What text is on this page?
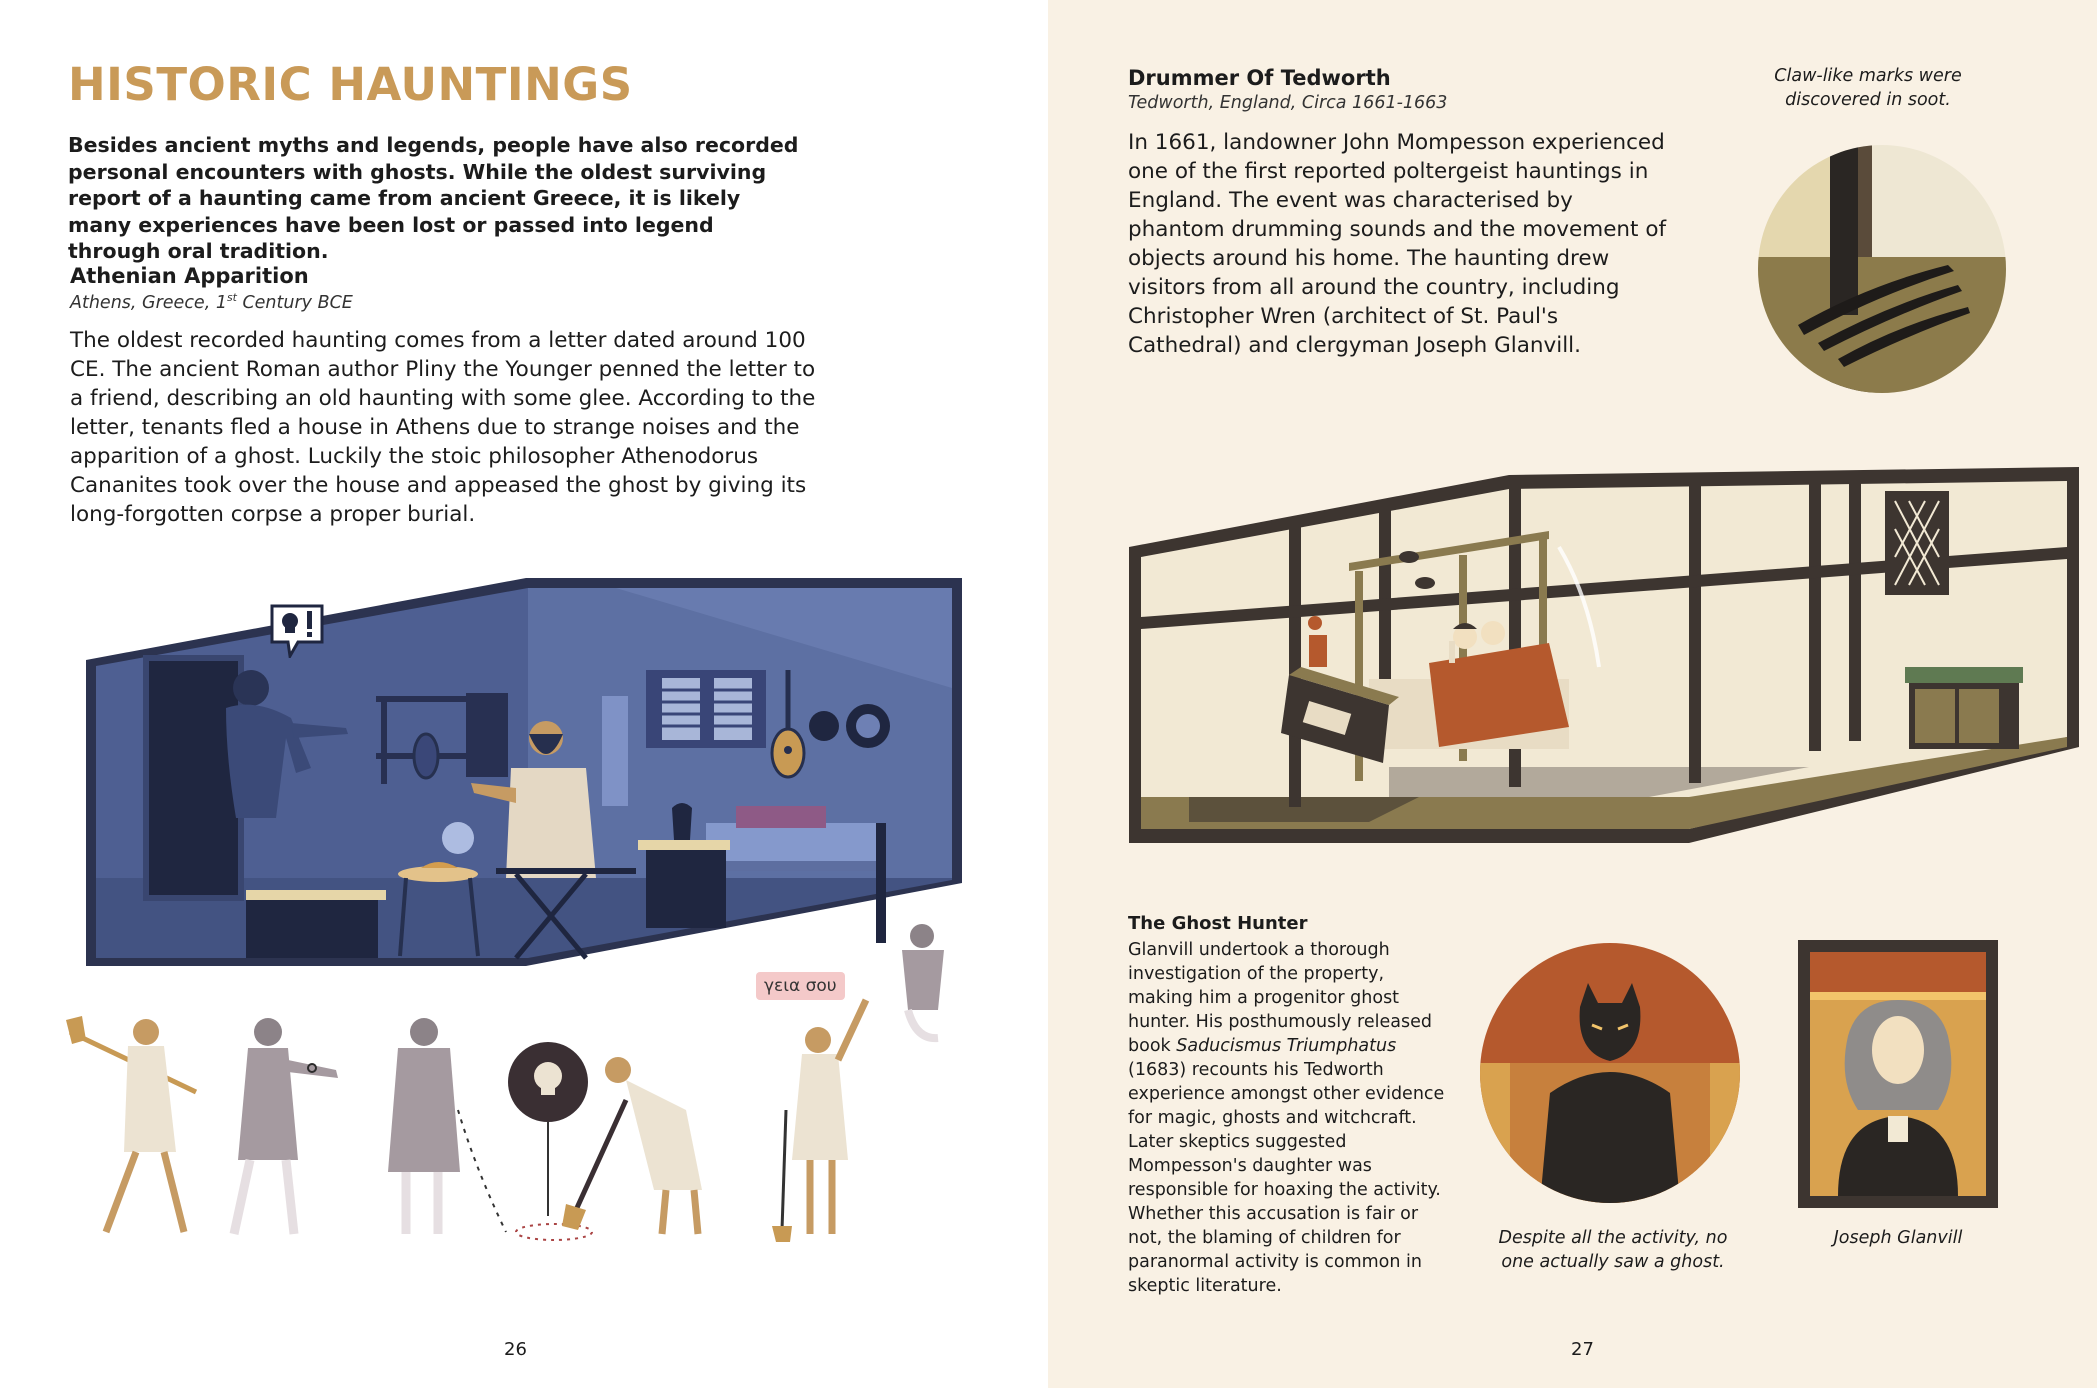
HISTORIC HAUNTINGS

Besides ancient myths and legends, people have also recorded personal encounters with ghosts. While the oldest surviving report of a haunting came from ancient Greece, it is likely many experiences have been lost or passed into legend through oral tradition.

Athenian Apparition

Athens, Greece, 1st Century BCE

The oldest recorded haunting comes from a letter dated around 100 CE. The ancient Roman author Pliny the Younger penned the letter to a friend, describing an old haunting with some glee. According to the letter, tenants fled a house in Athens due to strange noises and the apparition of a ghost. Luckily the stoic philosopher Athenodorus Cananites took over the house and appeased the ghost by giving its long-forgotten corpse a proper burial.

γεια σου

26

Drummer Of Tedworth

Tedworth, England, Circa 1661-1663

In 1661, landowner John Mompesson experienced one of the first reported poltergeist hauntings in England. The event was characterised by phantom drumming sounds and the movement of objects around his home. The haunting drew visitors from all around the country, including Christopher Wren (architect of St. Paul's Cathedral) and clergyman Joseph Glanvill.

Claw-like marks were discovered in soot.

The Ghost Hunter

Glanvill undertook a thorough investigation of the property, making him a progenitor ghost hunter. His posthumously released book Saducismus Triumphatus (1683) recounts his Tedworth experience amongst other evidence for magic, ghosts and witchcraft. Later skeptics suggested Mompesson's daughter was responsible for hoaxing the activity. Whether this accusation is fair or not, the blaming of children for paranormal activity is common in skeptic literature.

Despite all the activity, no one actually saw a ghost.

Joseph Glanvill

27
